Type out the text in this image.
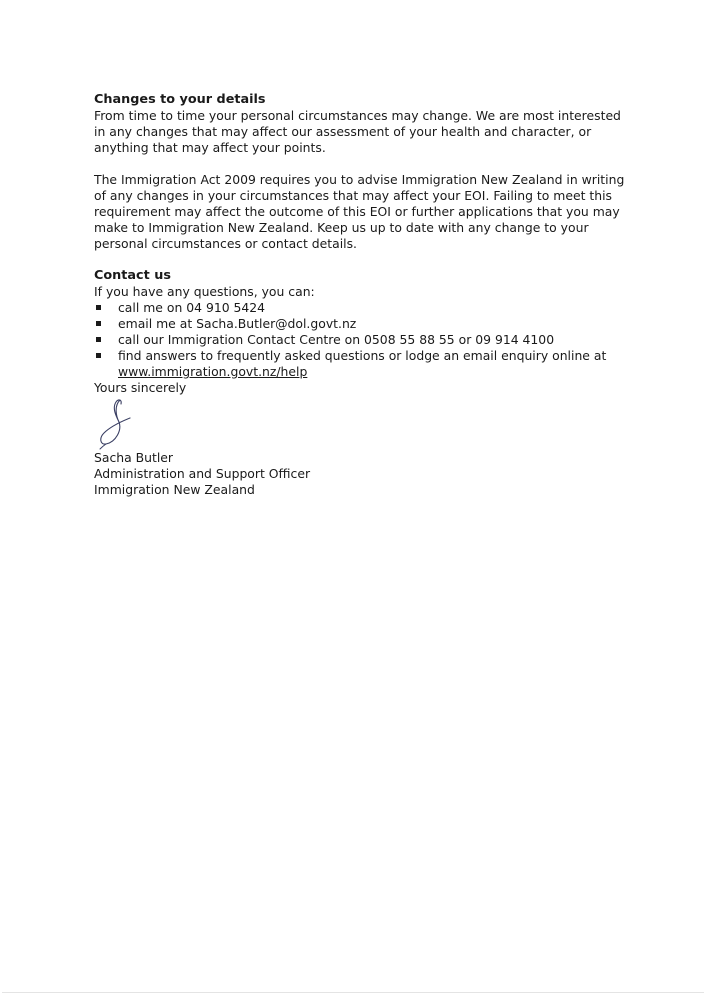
Changes to your details

From time to time your personal circumstances may change. We are most interested in any changes that may affect our assessment of your health and character, or anything that may affect your points.

The Immigration Act 2009 requires you to advise Immigration New Zealand in writing of any changes in your circumstances that may affect your EOI. Failing to meet this requirement may affect the outcome of this EOI or further applications that you may make to Immigration New Zealand. Keep us up to date with any change to your personal circumstances or contact details.

Contact us

If you have any questions, you can:

call me on 04 910 5424
email me at Sacha.Butler@dol.govt.nz
call our Immigration Contact Centre on 0508 55 88 55 or 09 914 4100
find answers to frequently asked questions or lodge an email enquiry online at www.immigration.govt.nz/help

Yours sincerely

Sacha Butler

Administration and Support Officer

Immigration New Zealand
